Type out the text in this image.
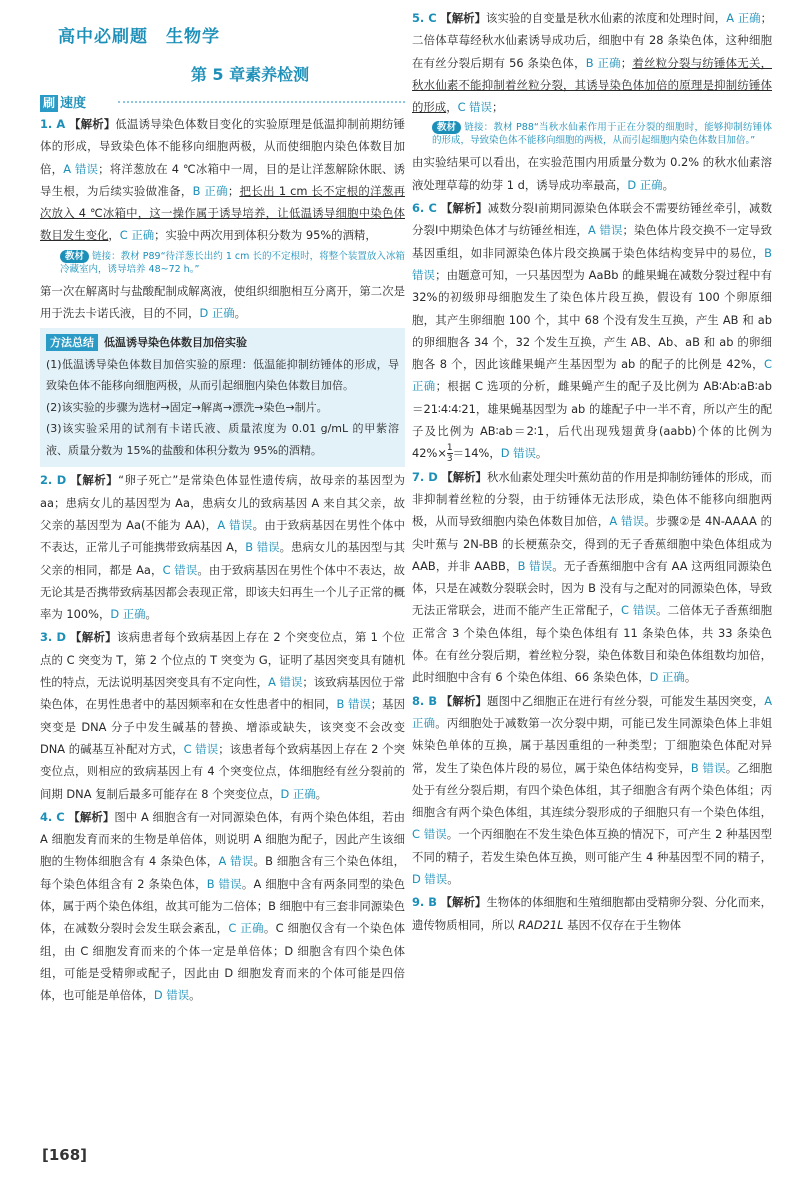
高中必刷题　生物学
第 5 章素养检测
刷 速度

1. A 【解析】低温诱导染色体数目变化的实验原理是低温抑制前期纺锤体的形成，导致染色体不能移向细胞两极，从而使细胞内染色体数目加倍，A 错误；将洋葱放在 4 ℃冰箱中一周，目的是让洋葱解除休眠、诱导生根，为后续实验做准备，B 正确；把长出 1 cm 长不定根的洋葱再次放入 4 ℃冰箱中，这一操作属于诱导培养，让低温诱导细胞中染色体数目发生变化，C 正确；实验中两次用到体积分数为 95%的酒精，

教材 链接：教材 P89“待洋葱长出约 1 cm 长的不定根时，将整个装置放入冰箱冷藏室内，诱导培养 48~72 h。”

第一次在解离时与盐酸配制成解离液，使组织细胞相互分离开，第二次是用于洗去卡诺氏液，目的不同，D 正确。

方法总结 低温诱导染色体数目加倍实验

(1)低温诱导染色体数目加倍实验的原理：低温能抑制纺锤体的形成，导致染色体不能移向细胞两极，从而引起细胞内染色体数目加倍。

(2)该实验的步骤为选材→固定→解离→漂洗→染色→制片。

(3)该实验采用的试剂有卡诺氏液、质量浓度为 0.01 g/mL 的甲紫溶液、质量分数为 15%的盐酸和体积分数为 95%的酒精。

2. D 【解析】“卵子死亡”是常染色体显性遗传病，故母亲的基因型为 aa；患病女儿的基因型为 Aa，患病女儿的致病基因 A 来自其父亲，故父亲的基因型为 Aa(不能为 AA)，A 错误。由于致病基因在男性个体中不表达，正常儿子可能携带致病基因 A，B 错误。患病女儿的基因型与其父亲的相同，都是 Aa，C 错误。由于致病基因在男性个体中不表达，故无论其是否携带致病基因都会表现正常，即该夫妇再生一个儿子正常的概率为 100%，D 正确。

3. D 【解析】该病患者每个致病基因上存在 2 个突变位点，第 1 个位点的 C 突变为 T，第 2 个位点的 T 突变为 G，证明了基因突变具有随机性的特点，无法说明基因突变具有不定向性，A 错误；该致病基因位于常染色体，在男性患者中的基因频率和在女性患者中的相同，B 错误；基因突变是 DNA 分子中发生碱基的替换、增添或缺失，该突变不会改变 DNA 的碱基互补配对方式，C 错误；该患者每个致病基因上存在 2 个突变位点，则相应的致病基因上有 4 个突变位点，体细胞经有丝分裂前的间期 DNA 复制后最多可能存在 8 个突变位点，D 正确。

4. C 【解析】图中 A 细胞含有一对同源染色体，有两个染色体组，若由 A 细胞发育而来的生物是单倍体，则说明 A 细胞为配子，因此产生该细胞的生物体细胞含有 4 条染色体，A 错误。B 细胞含有三个染色体组，每个染色体组含有 2 条染色体，B 错误。A 细胞中含有两条同型的染色体，属于两个染色体组，故其可能为二倍体；B 细胞中有三套非同源染色体，在减数分裂时会发生联会紊乱，C 正确。C 细胞仅含有一个染色体组，由 C 细胞发育而来的个体一定是单倍体；D 细胞含有四个染色体组，可能是受精卵或配子，因此由 D 细胞发育而来的个体可能是四倍体，也可能是单倍体，D 错误。

5. C 【解析】该实验的自变量是秋水仙素的浓度和处理时间，A 正确；二倍体草莓经秋水仙素诱导成功后，细胞中有 28 条染色体，这种细胞在有丝分裂后期有 56 条染色体，B 正确；着丝粒分裂与纺锤体无关，秋水仙素不能抑制着丝粒分裂，其诱导染色体加倍的原理是抑制纺锤体的形成，C 错误；

教材 链接：教材 P88“当秋水仙素作用于正在分裂的细胞时，能够抑制纺锤体的形成，导致染色体不能移向细胞的两极，从而引起细胞内染色体数目加倍。”

由实验结果可以看出，在实验范围内用质量分数为 0.2% 的秋水仙素溶液处理草莓的幼芽 1 d，诱导成功率最高，D 正确。

6. C 【解析】减数分裂Ⅰ前期同源染色体联会不需要纺锤丝牵引，减数分裂Ⅰ中期染色体才与纺锤丝相连，A 错误；染色体片段交换不一定导致基因重组，如非同源染色体片段交换属于染色体结构变异中的易位，B 错误；由题意可知，一只基因型为 AaBb 的雌果蝇在减数分裂过程中有 32%的初级卵母细胞发生了染色体片段互换，假设有 100 个卵原细胞，其产生卵细胞 100 个，其中 68 个没有发生互换，产生 AB 和 ab 的卵细胞各 34 个，32 个发生互换，产生 AB、Ab、aB 和 ab 的卵细胞各 8 个，因此该雌果蝇产生基因型为 ab 的配子的比例是 42%，C 正确；根据 C 选项的分析，雌果蝇产生的配子及比例为 AB∶Ab∶aB∶ab＝21∶4∶4∶21，雄果蝇基因型为 ab 的雄配子中一半不育，所以产生的配子及比例为 AB∶ab＝2∶1，后代出现残翅黄身(aabb)个体的比例为 $42\%\times \frac{1}{3} =14\%$，D 错误。

7. D 【解析】秋水仙素处理尖叶蕉幼苗的作用是抑制纺锤体的形成，而非抑制着丝粒的分裂，由于纺锤体无法形成，染色体不能移向细胞两极，从而导致细胞内染色体数目加倍，A 错误。步骤②是 4N-AAAA 的尖叶蕉与 2N-BB 的长梗蕉杂交，得到的无子香蕉细胞中染色体组成为 AAB，并非 AABB，B 错误。无子香蕉细胞中含有 AA 这两组同源染色体，只是在减数分裂联会时，因为 B 没有与之配对的同源染色体，导致无法正常联会，进而不能产生正常配子，C 错误。二倍体无子香蕉细胞正常含 3 个染色体组，每个染色体组有 11 条染色体，共 33 条染色体。在有丝分裂后期，着丝粒分裂，染色体数目和染色体组数均加倍，此时细胞中含有 6 个染色体组、66 条染色体，D 正确。

8. B 【解析】题图中乙细胞正在进行有丝分裂，可能发生基因突变，A 正确。丙细胞处于减数第一次分裂中期，可能已发生同源染色体上非姐妹染色单体的互换，属于基因重组的一种类型；丁细胞染色体配对异常，发生了染色体片段的易位，属于染色体结构变异，B 错误。乙细胞处于有丝分裂后期，有四个染色体组，其子细胞含有两个染色体组；丙细胞含有两个染色体组，其连续分裂形成的子细胞只有一个染色体组，C 错误。一个丙细胞在不发生染色体互换的情况下，可产生 2 种基因型不同的精子，若发生染色体互换，则可能产生 4 种基因型不同的精子，D 错误。

9. B 【解析】生物体的体细胞和生殖细胞都由受精卵分裂、分化而来，遗传物质相同，所以 RAD21L 基因不仅存在于生物体

[168]
